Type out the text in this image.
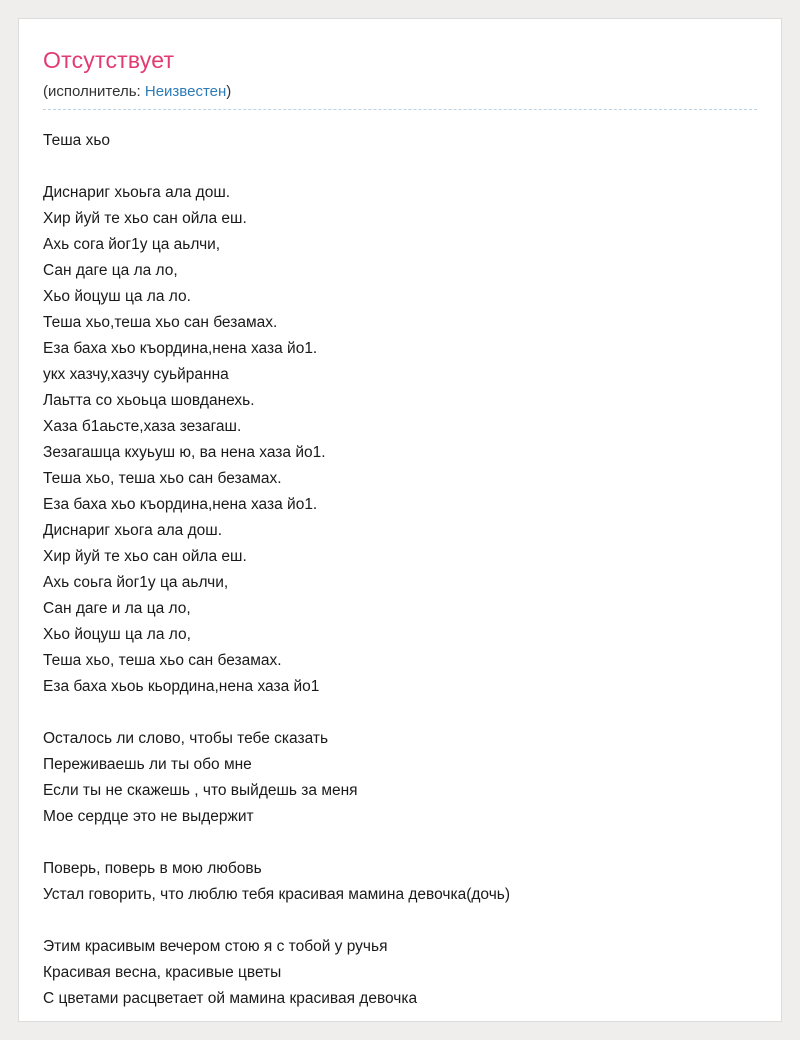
Отсутствует
(исполнитель: Неизвестен)
Теша хьо
Диснариг хьоьга ала дош.
Хир йуй те хьо сан ойла еш.
Ахь сога йог1у ца аьлчи,
Сан даге ца ла ло,
Хьо йоцуш ца ла ло.
Теша хьо,теша хьо сан безамах.
Еза баха хьо къордина,нена хаза йо1.
укх хазчу,хазчу суьйранна
Лаьтта со хьоьца шовданехь.
Хаза б1аьсте,хаза зезагаш.
Зезагашца кхуьуш ю, ва нена хаза йо1.
Теша хьо, теша хьо сан безамах.
Еза баха хьо къордина,нена хаза йо1.
Диснариг хьога ала дош.
Хир йуй те хьо сан ойла еш.
Ахь соьга йог1у ца аьлчи,
Сан даге и ла ца ло,
Хьо йоцуш ца ла ло,
Теша хьо, теша хьо сан безамах.
Еза баха хьоь кьордина,нена хаза йо1
Осталось ли слово, чтобы тебе сказать
Переживаешь ли ты обо мне
Если ты не скажешь , что выйдешь за меня
Мое сердце это не выдержит
Поверь, поверь в мою любовь
Устал говорить, что люблю тебя красивая мамина девочка(дочь)
Этим красивым вечером стою я с тобой у ручья
Красивая весна, красивые цветы
С цветами расцветает ой мамина красивая девочка
